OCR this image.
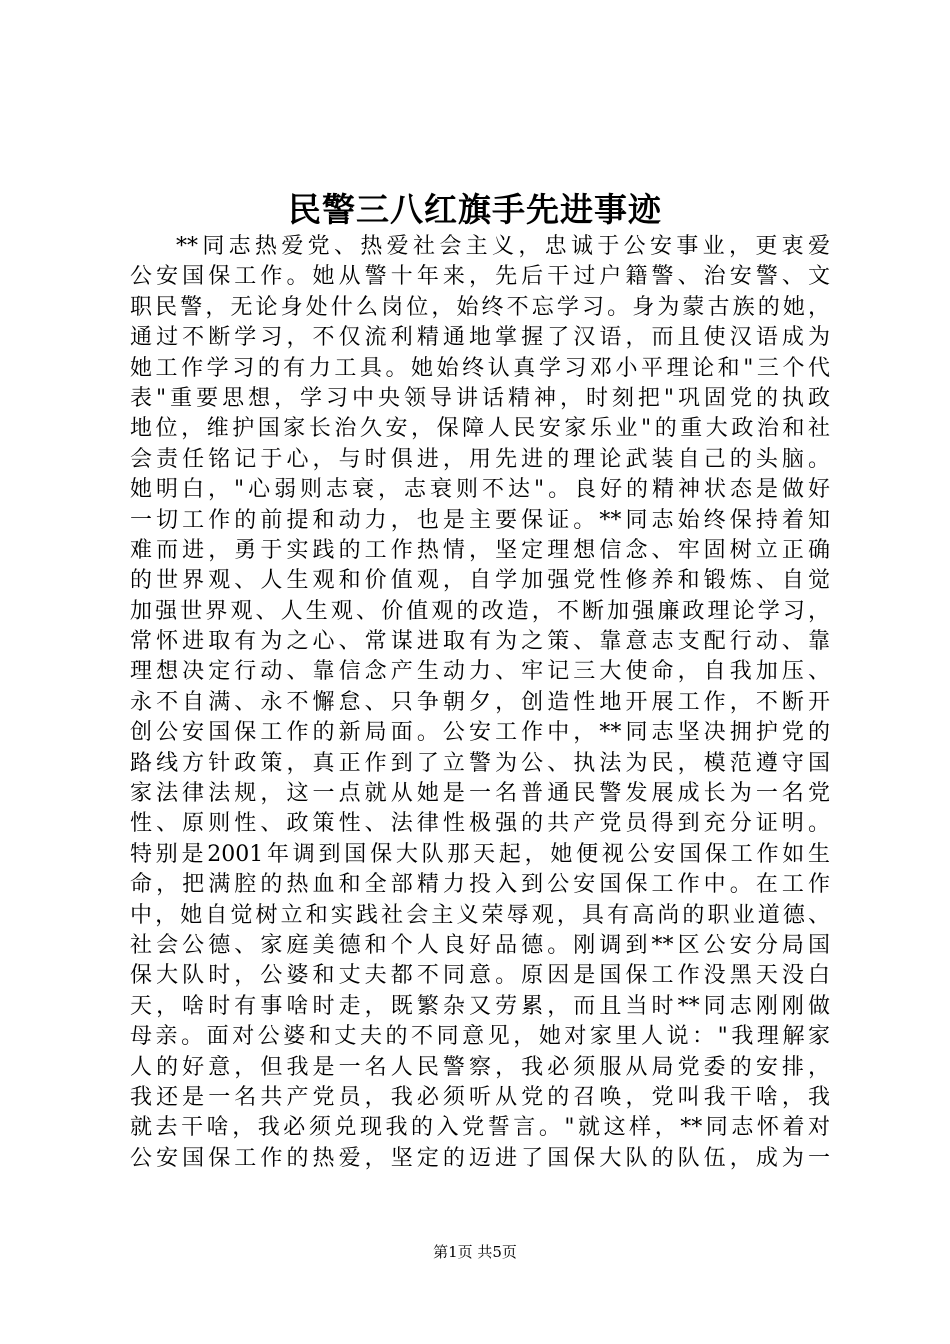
民警三八红旗手先进事迹
**同志热爱党、热爱社会主义，忠诚于公安事业，更衷爱
公安国保工作。她从警十年来，先后干过户籍警、治安警、文
职民警，无论身处什么岗位，始终不忘学习。身为蒙古族的她，
通过不断学习，不仅流利精通地掌握了汉语，而且使汉语成为
她工作学习的有力工具。她始终认真学习邓小平理论和"三个代
表"重要思想，学习中央领导讲话精神，时刻把"巩固党的执政
地位，维护国家长治久安，保障人民安家乐业"的重大政治和社
会责任铭记于心，与时俱进，用先进的理论武装自己的头脑。
她明白，"心弱则志衰，志衰则不达"。良好的精神状态是做好
一切工作的前提和动力，也是主要保证。**同志始终保持着知
难而进，勇于实践的工作热情，坚定理想信念、牢固树立正确
的世界观、人生观和价值观，自学加强党性修养和锻炼、自觉
加强世界观、人生观、价值观的改造，不断加强廉政理论学习，
常怀进取有为之心、常谋进取有为之策、靠意志支配行动、靠
理想决定行动、靠信念产生动力、牢记三大使命，自我加压、
永不自满、永不懈怠、只争朝夕，创造性地开展工作，不断开
创公安国保工作的新局面。公安工作中，**同志坚决拥护党的
路线方针政策，真正作到了立警为公、执法为民，模范遵守国
家法律法规，这一点就从她是一名普通民警发展成长为一名党
性、原则性、政策性、法律性极强的共产党员得到充分证明。
特别是2001年调到国保大队那天起，她便视公安国保工作如生
命，把满腔的热血和全部精力投入到公安国保工作中。在工作
中，她自觉树立和实践社会主义荣辱观，具有高尚的职业道德、
社会公德、家庭美德和个人良好品德。刚调到**区公安分局国
保大队时，公婆和丈夫都不同意。原因是国保工作没黑天没白
天，啥时有事啥时走，既繁杂又劳累，而且当时**同志刚刚做
母亲。面对公婆和丈夫的不同意见，她对家里人说："我理解家
人的好意，但我是一名人民警察，我必须服从局党委的安排，
我还是一名共产党员，我必须听从党的召唤，党叫我干啥，我
就去干啥，我必须兑现我的入党誓言。"就这样，**同志怀着对
公安国保工作的热爱，坚定的迈进了国保大队的队伍，成为一
第1页 共5页
